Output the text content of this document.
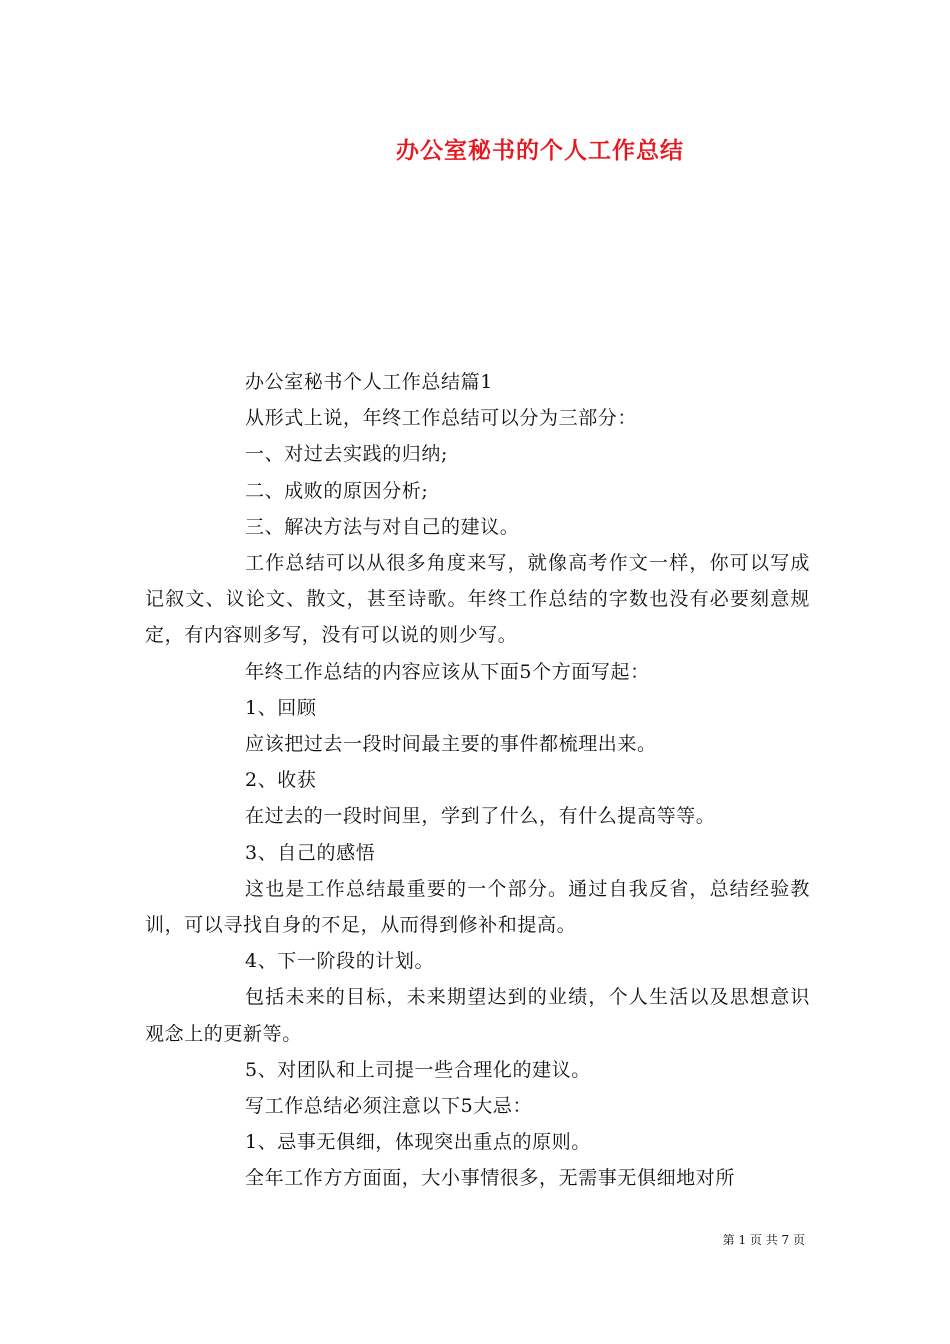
办公室秘书的个人工作总结

办公室秘书个人工作总结篇1

从形式上说，年终工作总结可以分为三部分：

一、对过去实践的归纳;

二、成败的原因分析;

三、解决方法与对自己的建议。

工作总结可以从很多角度来写，就像高考作文一样，你可以写成记叙文、议论文、散文，甚至诗歌。年终工作总结的字数也没有必要刻意规定，有内容则多写，没有可以说的则少写。

年终工作总结的内容应该从下面5个方面写起：

1、回顾

应该把过去一段时间最主要的事件都梳理出来。

2、收获

在过去的一段时间里，学到了什么，有什么提高等等。

3、自己的感悟

这也是工作总结最重要的一个部分。通过自我反省，总结经验教训，可以寻找自身的不足，从而得到修补和提高。

4、下一阶段的计划。

包括未来的目标，未来期望达到的业绩，个人生活以及思想意识观念上的更新等。

5、对团队和上司提一些合理化的建议。

写工作总结必须注意以下5大忌：

1、忌事无俱细，体现突出重点的原则。

全年工作方方面面，大小事情很多，无需事无俱细地对所

第 1 页 共 7 页
